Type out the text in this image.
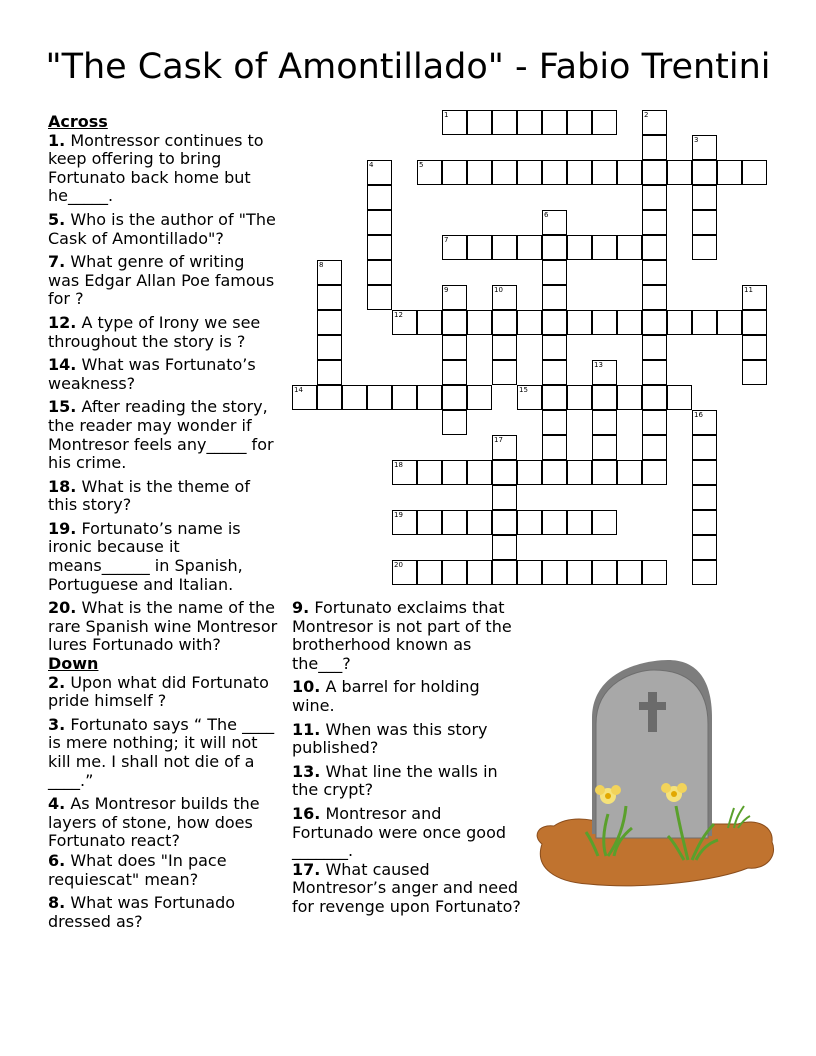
"The Cask of Amontillado" - Fabio Trentini
Across
1. Montressor continues to keep offering to bring Fortunato back home but he_____.
5. Who is the author of "The Cask of Amontillado"?
7. What genre of writing was Edgar Allan Poe famous for ?
12. A type of Irony we see throughout the story is ?
14. What was Fortunato’s weakness?
15. After reading the story, the reader may wonder if Montresor feels any_____ for his crime.
18. What is the theme of this story?
19. Fortunato’s name is ironic because it means______ in Spanish, Portuguese and Italian.
20. What is the name of the rare Spanish wine Montresor lures Fortunado with?
Down
2. Upon what did Fortunato pride himself ?
3. Fortunato says “ The ____ is mere nothing; it will not kill me. I shall not die of a ____.”
4. As Montresor builds the layers of stone, how does Fortunato react?
6. What does "In pace requiescat" mean?
8. What was Fortunado dressed as?
9. Fortunato exclaims that Montresor is not part of the brotherhood known as the___?
10. A barrel for holding wine.
11. When was this story published?
13. What line the walls in the crypt?
16. Montresor and Fortunado were once good _______.
17. What caused Montresor’s anger and need for revenge upon Fortunato?
1	2
3
4	5
6
7
8
9	10	11
12
13
14	15
16
17
18
19
20
